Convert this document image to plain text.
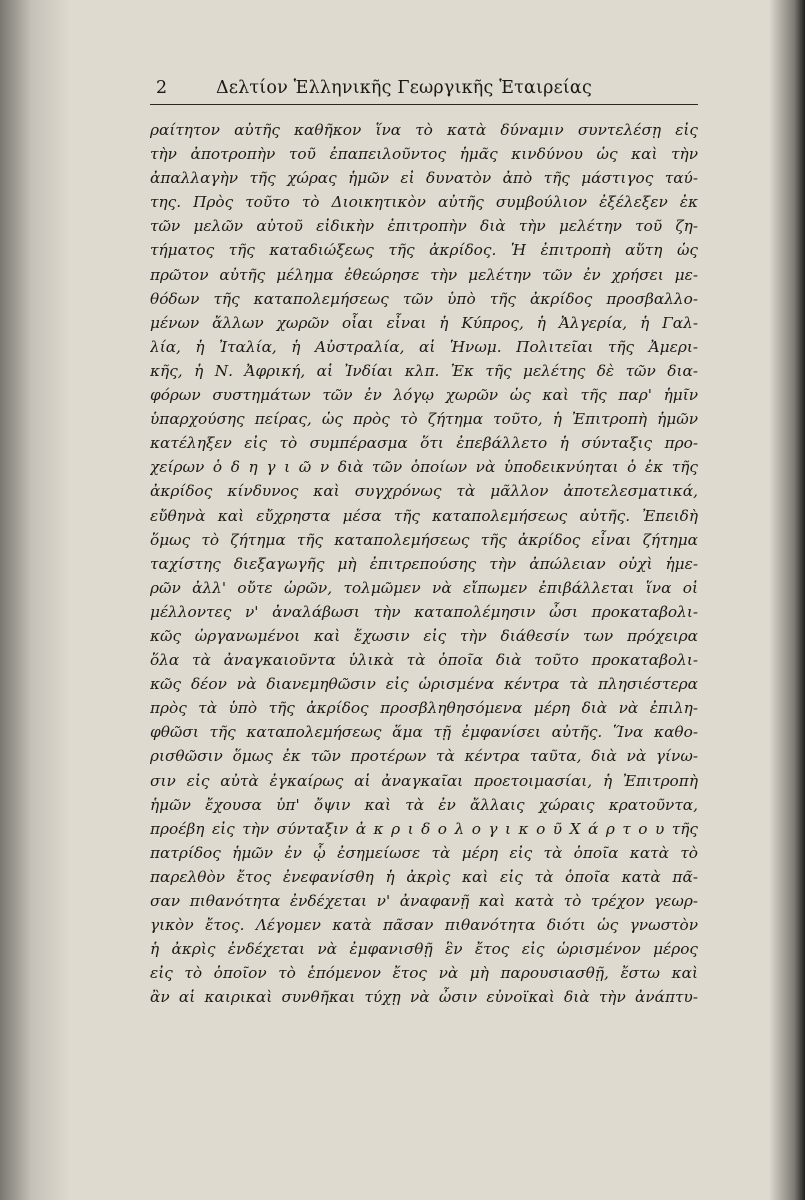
2	Δελτίον Ἑλληνικῆς Γεωργικῆς Ἑταιρείας
ραίτητον αὐτῆς καθῆκον ἵνα τὸ κατὰ δύναμιν συντελέσῃ εἰς
τὴν ἀποτροπὴν τοῦ ἐπαπειλοῦντος ἡμᾶς κινδύνου ὡς καὶ τὴν
ἀπαλλαγὴν τῆς χώρας ἡμῶν εἰ δυνατὸν ἀπὸ τῆς μάστιγος ταύ-
της. Πρὸς τοῦτο τὸ Διοικητικὸν αὐτῆς συμβούλιον ἐξέλεξεν ἐκ
τῶν μελῶν αὐτοῦ εἰδικὴν ἐπιτροπὴν διὰ τὴν μελέτην τοῦ ζη-
τήματος τῆς καταδιώξεως τῆς ἀκρίδος. Ἡ ἐπιτροπὴ αὕτη ὡς
πρῶτον αὐτῆς μέλημα ἐθεώρησε τὴν μελέτην τῶν ἐν χρήσει με-
θόδων τῆς καταπολεμήσεως τῶν ὑπὸ τῆς ἀκρίδος προσβαλλο-
μένων ἄλλων χωρῶν οἷαι εἶναι ἡ Κύπρος, ἡ Ἀλγερία, ἡ Γαλ-
λία, ἡ Ἰταλία, ἡ Αὐστραλία, αἱ Ἡνωμ. Πολιτεῖαι τῆς Ἀμερι-
κῆς, ἡ Ν. Ἀφρική, αἱ Ἰνδίαι κλπ. Ἐκ τῆς μελέτης δὲ τῶν δια-
φόρων συστημάτων τῶν ἐν λόγῳ χωρῶν ὡς καὶ τῆς παρ' ἡμῖν
ὑπαρχούσης πείρας, ὡς πρὸς τὸ ζήτημα τοῦτο, ἡ Ἐπιτροπὴ ἡμῶν
κατέληξεν εἰς τὸ συμπέρασμα ὅτι ἐπεβάλλετο ἡ σύνταξις προ-
χείρων ὁ δ η γ ι ῶ ν διὰ τῶν ὁποίων νὰ ὑποδεικνύηται ὁ ἐκ τῆς
ἀκρίδος κίνδυνος καὶ συγχρόνως τὰ μᾶλλον ἀποτελεσματικά,
εὔθηνὰ καὶ εὔχρηστα μέσα τῆς καταπολεμήσεως αὐτῆς. Ἐπειδὴ
ὅμως τὸ ζήτημα τῆς καταπολεμήσεως τῆς ἀκρίδος εἶναι ζήτημα
ταχίστης διεξαγωγῆς μὴ ἐπιτρεπούσης τὴν ἀπώλειαν οὐχὶ ἡμε-
ρῶν ἀλλ' οὔτε ὡρῶν, τολμῶμεν νὰ εἴπωμεν ἐπιβάλλεται ἵνα οἱ
μέλλοντες ν' ἀναλάβωσι τὴν καταπολέμησιν ὦσι προκαταβολι-
κῶς ὠργανωμένοι καὶ ἔχωσιν εἰς τὴν διάθεσίν των πρόχειρα
ὅλα τὰ ἀναγκαιοῦντα ὑλικὰ τὰ ὁποῖα διὰ τοῦτο προκαταβολι-
κῶς δέον νὰ διανεμηθῶσιν εἰς ὡρισμένα κέντρα τὰ πλησιέστερα
πρὸς τὰ ὑπὸ τῆς ἀκρίδος προσβληθησόμενα μέρη διὰ νὰ ἐπιλη-
φθῶσι τῆς καταπολεμήσεως ἅμα τῇ ἐμφανίσει αὐτῆς. Ἵνα καθο-
ρισθῶσιν ὅμως ἐκ τῶν προτέρων τὰ κέντρα ταῦτα, διὰ νὰ γίνω-
σιν εἰς αὐτὰ ἐγκαίρως αἱ ἀναγκαῖαι προετοιμασίαι, ἡ Ἐπιτροπὴ
ἡμῶν ἔχουσα ὑπ' ὄψιν καὶ τὰ ἐν ἄλλαις χώραις κρατοῦντα,
προέβη εἰς τὴν σύνταξιν ἀ κ ρ ι δ ο λ ο γ ι κ ο ῦ Χ ά ρ τ ο υ τῆς
πατρίδος ἡμῶν ἐν ᾧ ἐσημείωσε τὰ μέρη εἰς τὰ ὁποῖα κατὰ τὸ
παρελθὸν ἔτος ἐνεφανίσθη ἡ ἀκρὶς καὶ εἰς τὰ ὁποῖα κατὰ πᾶ-
σαν πιθανότητα ἐνδέχεται ν' ἀναφανῇ καὶ κατὰ τὸ τρέχον γεωρ-
γικὸν ἔτος. Λέγομεν κατὰ πᾶσαν πιθανότητα διότι ὡς γνωστὸν
ἡ ἀκρὶς ἐνδέχεται νὰ ἐμφανισθῇ ἓν ἔτος εἰς ὡρισμένον μέρος
εἰς τὸ ὁποῖον τὸ ἑπόμενον ἔτος νὰ μὴ παρουσιασθῇ, ἔστω καὶ
ἂν αἱ καιρικαὶ συνθῆκαι τύχῃ νὰ ὦσιν εὐνοϊκαὶ διὰ τὴν ἀνάπτυ-
